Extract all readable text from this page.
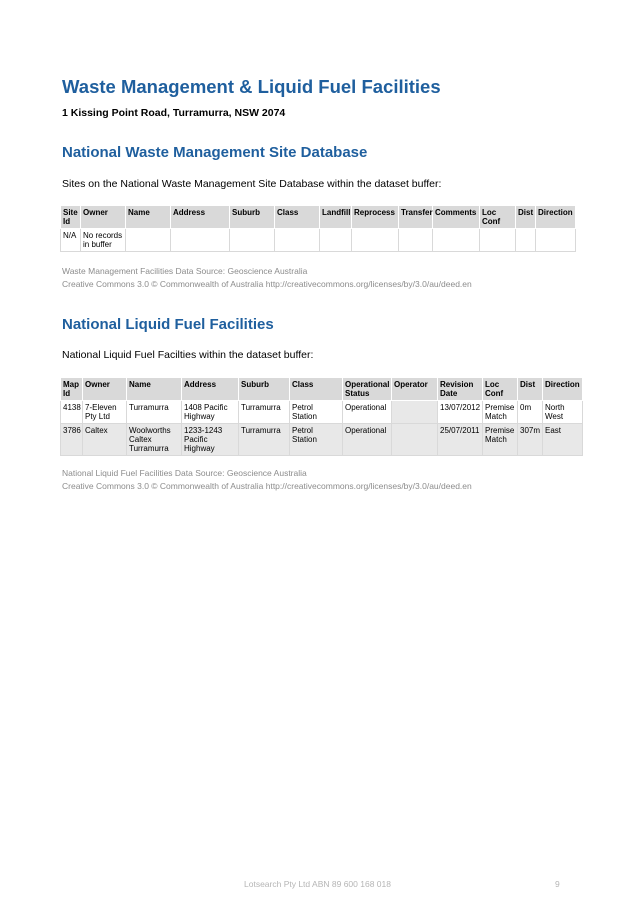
Waste Management & Liquid Fuel Facilities

1 Kissing Point Road, Turramurra, NSW 2074

National Waste Management Site Database

Sites on the National Waste Management Site Database within the dataset buffer:

Site Id	Owner	Name	Address	Suburb	Class	Landfill	Reprocess	Transfer	Comments	Loc Conf	Dist	Direction
N/A	No records in buffer											

Waste Management Facilities Data Source: Geoscience Australia
Creative Commons 3.0 © Commonwealth of Australia http://creativecommons.org/licenses/by/3.0/au/deed.en

National Liquid Fuel Facilities

National Liquid Fuel Facilties within the dataset buffer:

Map Id	Owner	Name	Address	Suburb	Class	Operational Status	Operator	Revision Date	Loc Conf	Dist	Direction
4138	7-Eleven Pty Ltd	Turramurra	1408 Pacific Highway	Turramurra	Petrol Station	Operational		13/07/2012	Premise Match	0m	North West
3786	Caltex	Woolworths Caltex Turramurra	1233-1243 Pacific Highway	Turramurra	Petrol Station	Operational		25/07/2011	Premise Match	307m	East

National Liquid Fuel Facilities Data Source: Geoscience Australia
Creative Commons 3.0 © Commonwealth of Australia http://creativecommons.org/licenses/by/3.0/au/deed.en

Lotsearch Pty Ltd ABN 89 600 168 018	9
